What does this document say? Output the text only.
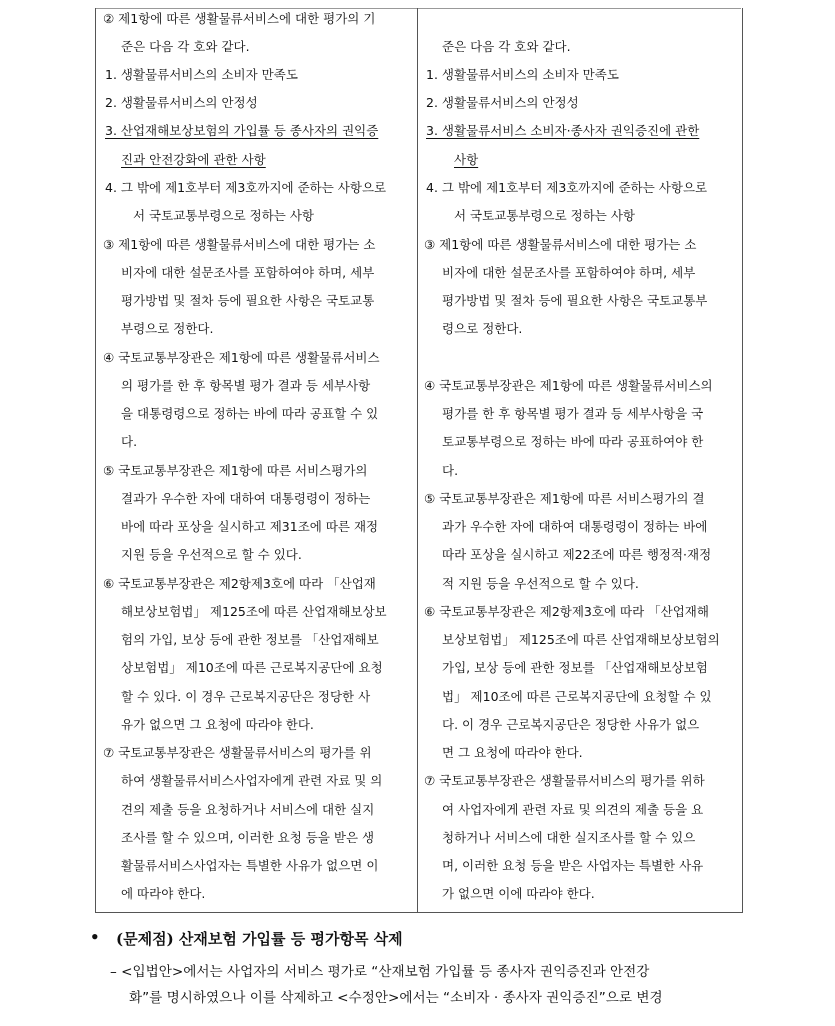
② 제1항에 따른 생활물류서비스에 대한 평가의 기
준은 다음 각 호와 같다.
1. 생활물류서비스의 소비자 만족도
2. 생활물류서비스의 안정성
3. 산업재해보상보험의 가입률 등 종사자의 권익증
진과 안전강화에 관한 사항
4. 그 밖에 제1호부터 제3호까지에 준하는 사항으로
서 국토교통부령으로 정하는 사항
③ 제1항에 따른 생활물류서비스에 대한 평가는 소
비자에 대한 설문조사를 포함하여야 하며, 세부
평가방법 및 절차 등에 필요한 사항은 국토교통
부령으로 정한다.
④ 국토교통부장관은 제1항에 따른 생활물류서비스
의 평가를 한 후 항목별 평가 결과 등 세부사항
을 대통령령으로 정하는 바에 따라 공표할 수 있
다.
⑤ 국토교통부장관은 제1항에 따른 서비스평가의
결과가 우수한 자에 대하여 대통령령이 정하는
바에 따라 포상을 실시하고 제31조에 따른 재정
지원 등을 우선적으로 할 수 있다.
⑥ 국토교통부장관은 제2항제3호에 따라 「산업재
해보상보험법」 제125조에 따른 산업재해보상보
험의 가입, 보상 등에 관한 정보를 「산업재해보
상보험법」 제10조에 따른 근로복지공단에 요청
할 수 있다. 이 경우 근로복지공단은 정당한 사
유가 없으면 그 요청에 따라야 한다.
⑦ 국토교통부장관은 생활물류서비스의 평가를 위
하여 생활물류서비스사업자에게 관련 자료 및 의
견의 제출 등을 요청하거나 서비스에 대한 실지
조사를 할 수 있으며, 이러한 요청 등을 받은 생
활물류서비스사업자는 특별한 사유가 없으면 이
에 따라야 한다.
준은 다음 각 호와 같다.
1. 생활물류서비스의 소비자 만족도
2. 생활물류서비스의 안정성
3. 생활물류서비스 소비자·종사자 권익증진에 관한
사항
4. 그 밖에 제1호부터 제3호까지에 준하는 사항으로
서 국토교통부령으로 정하는 사항
③ 제1항에 따른 생활물류서비스에 대한 평가는 소
비자에 대한 설문조사를 포함하여야 하며, 세부
평가방법 및 절차 등에 필요한 사항은 국토교통부
령으로 정한다.
④ 국토교통부장관은 제1항에 따른 생활물류서비스의
평가를 한 후 항목별 평가 결과 등 세부사항을 국
토교통부령으로 정하는 바에 따라 공표하여야 한
다.
⑤ 국토교통부장관은 제1항에 따른 서비스평가의 결
과가 우수한 자에 대하여 대통령령이 정하는 바에
따라 포상을 실시하고 제22조에 따른 행정적·재정
적 지원 등을 우선적으로 할 수 있다.
⑥ 국토교통부장관은 제2항제3호에 따라 「산업재해
보상보험법」 제125조에 따른 산업재해보상보험의
가입, 보상 등에 관한 정보를 「산업재해보상보험
법」 제10조에 따른 근로복지공단에 요청할 수 있
다. 이 경우 근로복지공단은 정당한 사유가 없으
면 그 요청에 따라야 한다.
⑦ 국토교통부장관은 생활물류서비스의 평가를 위하
여 사업자에게 관련 자료 및 의견의 제출 등을 요
청하거나 서비스에 대한 실지조사를 할 수 있으
며, 이러한 요청 등을 받은 사업자는 특별한 사유
가 없으면 이에 따라야 한다.
• (문제점) 산재보험 가입률 등 평가항목 삭제
– <입법안>에서는 사업자의 서비스 평가로 “산재보험 가입률 등 종사자 권익증진과 안전강
화”를 명시하였으나 이를 삭제하고 <수정안>에서는 “소비자 · 종사자 권익증진”으로 변경
